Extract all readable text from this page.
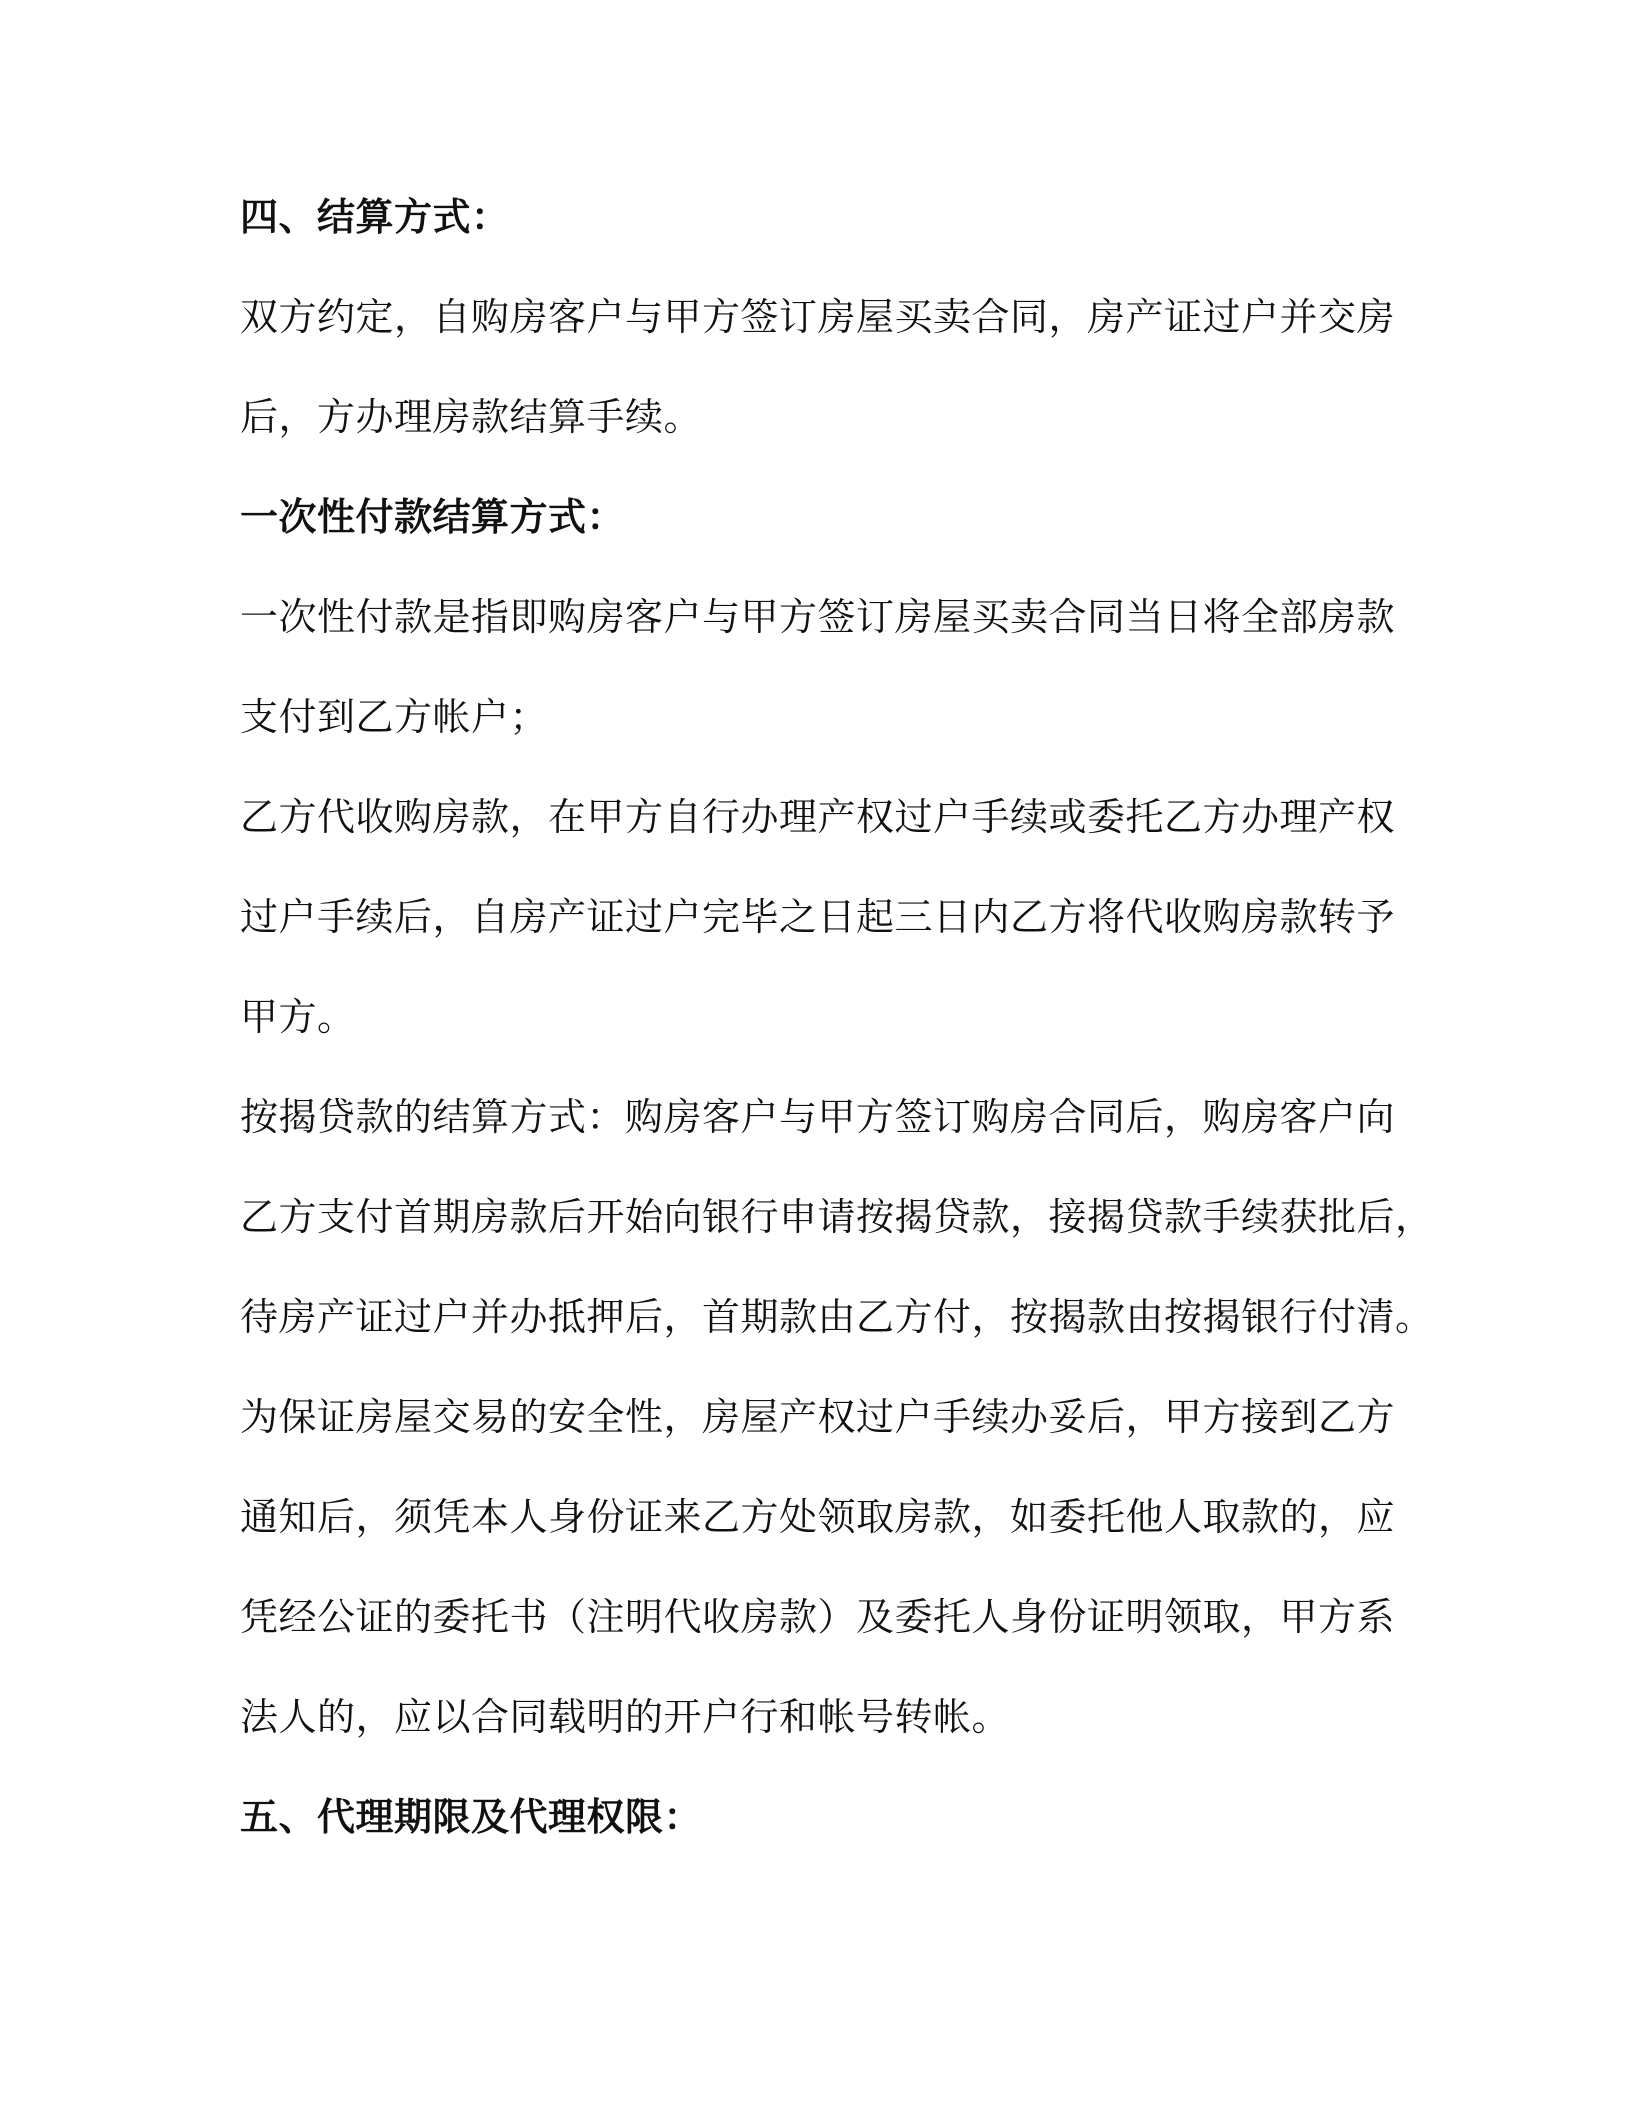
四、结算方式：
双方约定，自购房客户与甲方签订房屋买卖合同，房产证过户并交房
后，方办理房款结算手续。
一次性付款结算方式：
一次性付款是指即购房客户与甲方签订房屋买卖合同当日将全部房款
支付到乙方帐户；
乙方代收购房款，在甲方自行办理产权过户手续或委托乙方办理产权
过户手续后，自房产证过户完毕之日起三日内乙方将代收购房款转予
甲方。
按揭贷款的结算方式：购房客户与甲方签订购房合同后，购房客户向
乙方支付首期房款后开始向银行申请按揭贷款，接揭贷款手续获批后，
待房产证过户并办抵押后，首期款由乙方付，按揭款由按揭银行付清。
为保证房屋交易的安全性，房屋产权过户手续办妥后，甲方接到乙方
通知后，须凭本人身份证来乙方处领取房款，如委托他人取款的，应
凭经公证的委托书（注明代收房款）及委托人身份证明领取，甲方系
法人的，应以合同载明的开户行和帐号转帐。
五、代理期限及代理权限：
